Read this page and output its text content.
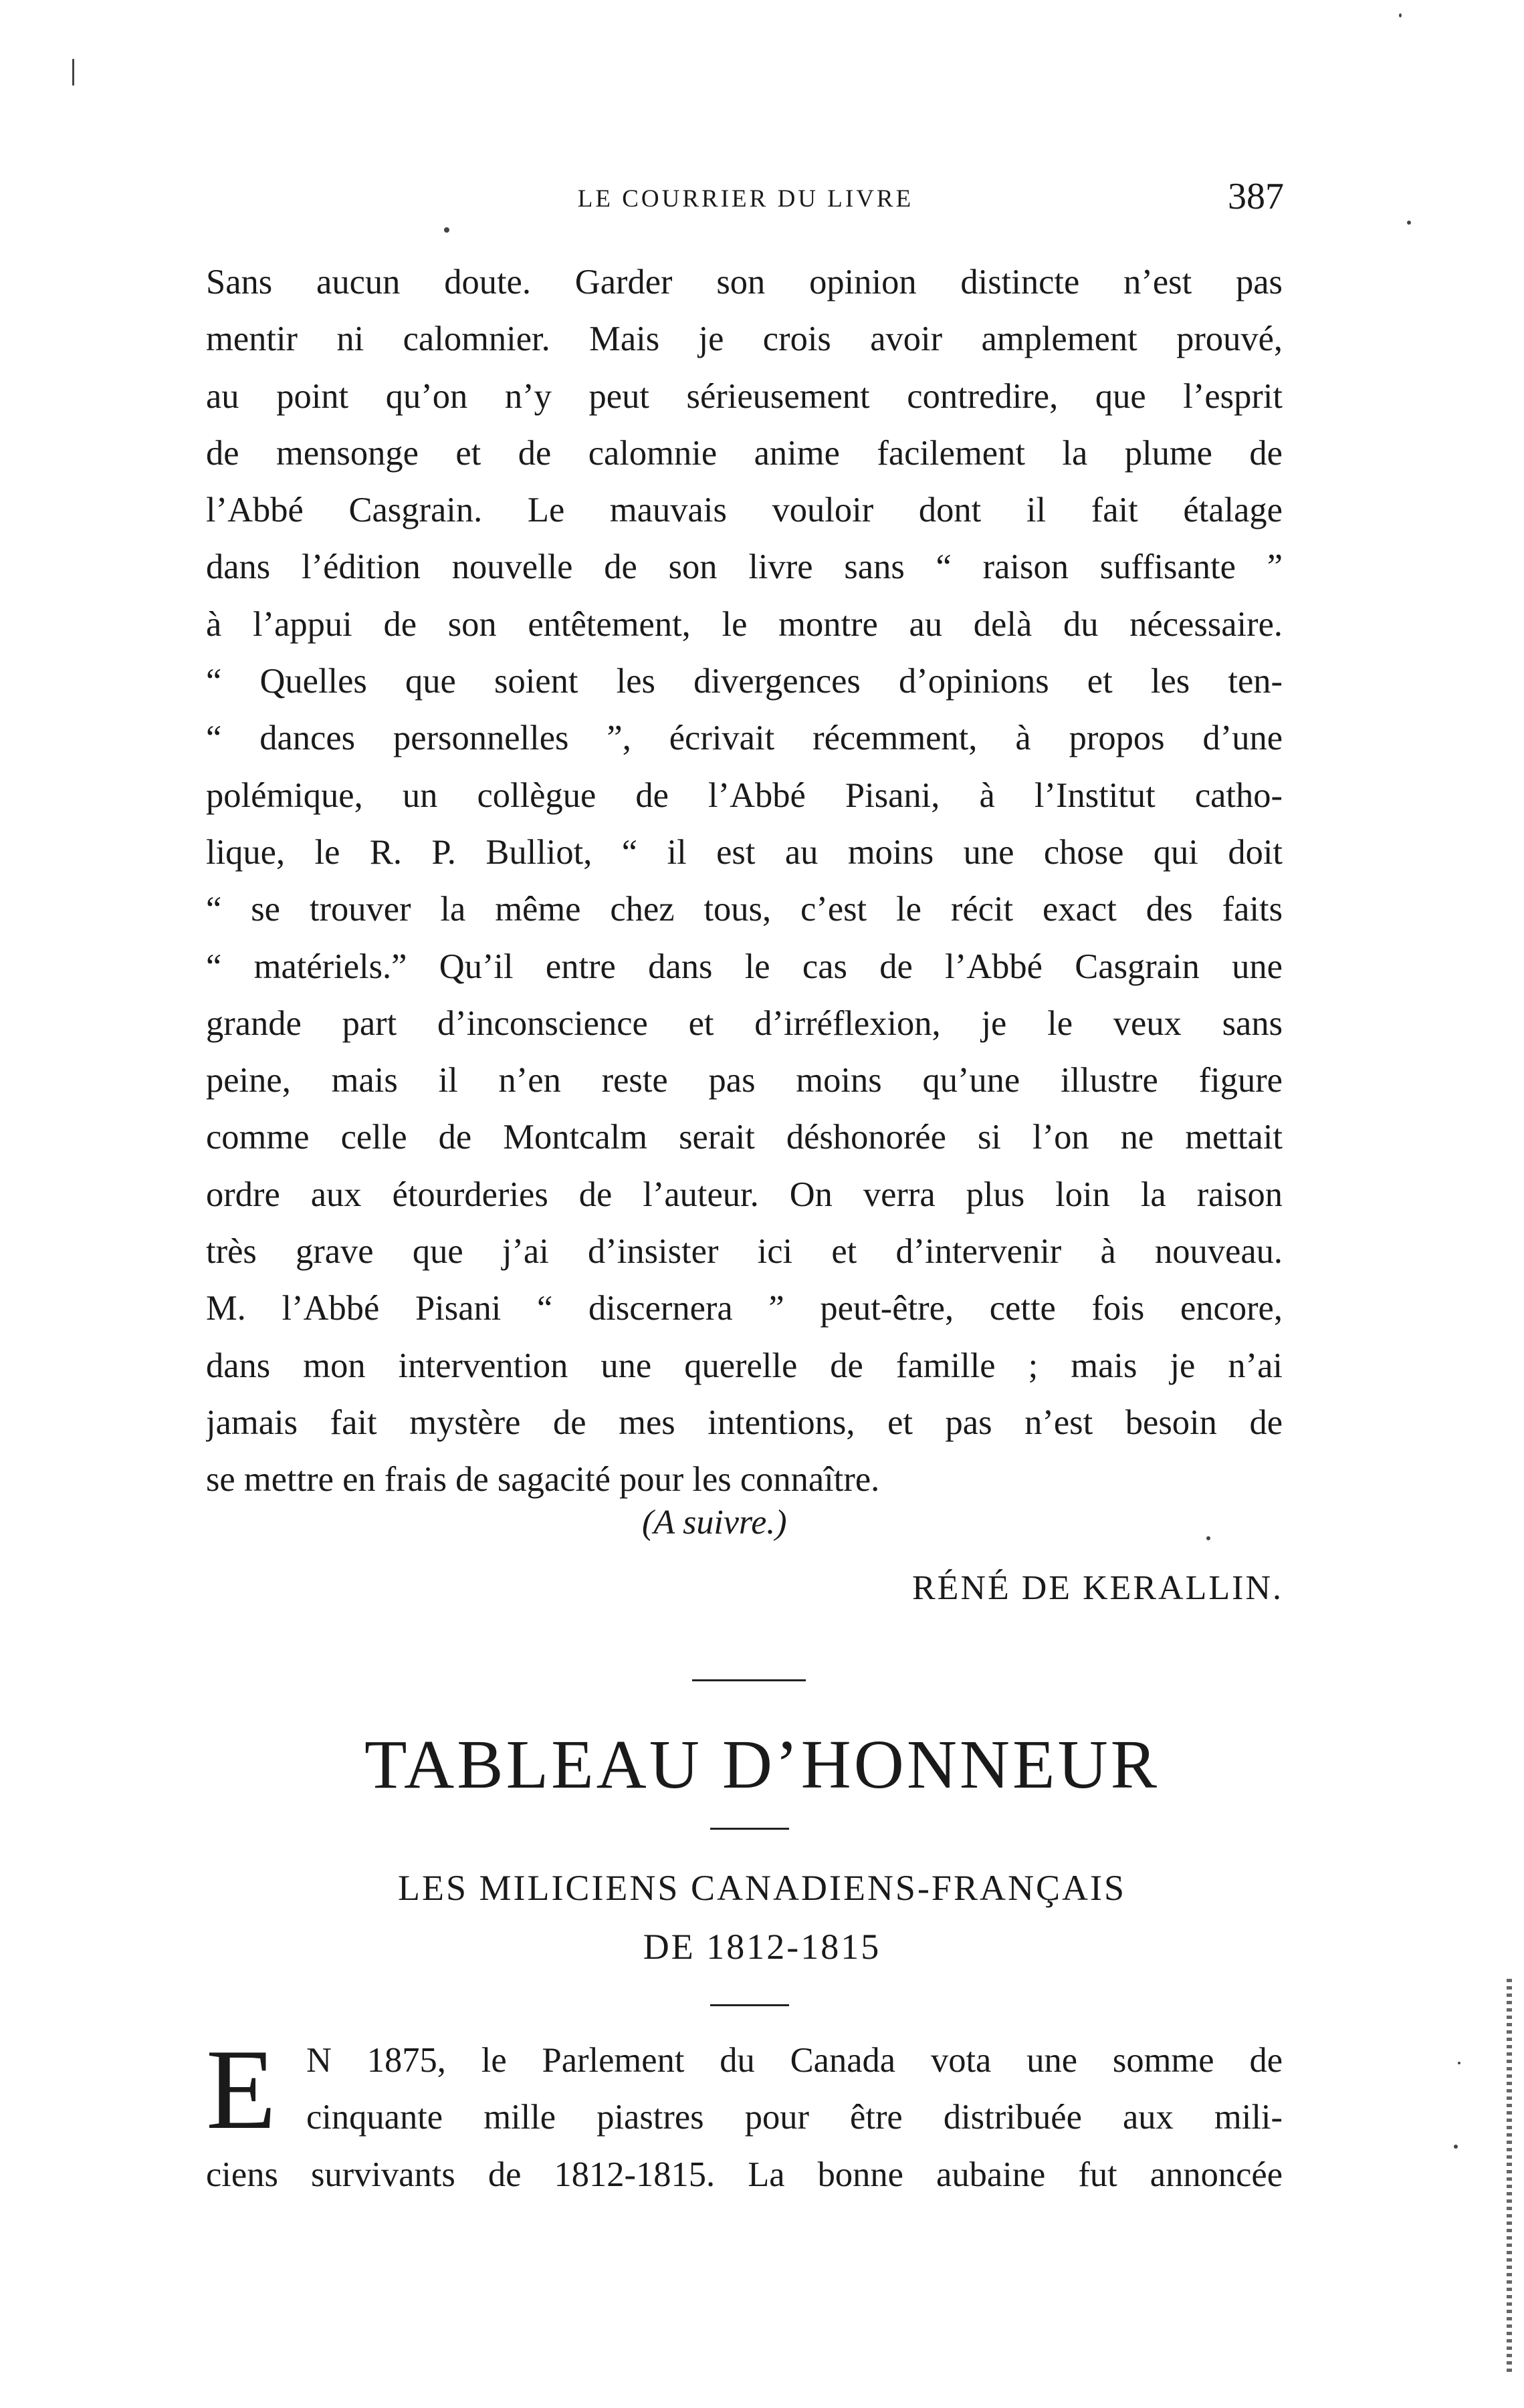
LE COURRIER DU LIVRE	387
Sans aucun doute. Garder son opinion distincte n’est pas
mentir ni calomnier. Mais je crois avoir amplement prouvé,
au point qu’on n’y peut sérieusement contredire, que l’esprit
de mensonge et de calomnie anime facilement la plume de
l’Abbé Casgrain. Le mauvais vouloir dont il fait étalage
dans l’édition nouvelle de son livre sans “ raison suffisante ”
à l’appui de son entêtement, le montre au delà du nécessaire.
“ Quelles que soient les divergences d’opinions et les ten-
“ dances personnelles ”, écrivait récemment, à propos d’une
polémique, un collègue de l’Abbé Pisani, à l’Institut catho-
lique, le R. P. Bulliot, “ il est au moins une chose qui doit
“ se trouver la même chez tous, c’est le récit exact des faits
“ matériels.” Qu’il entre dans le cas de l’Abbé Casgrain une
grande part d’inconscience et d’irréflexion, je le veux sans
peine, mais il n’en reste pas moins qu’une illustre figure
comme celle de Montcalm serait déshonorée si l’on ne mettait
ordre aux étourderies de l’auteur. On verra plus loin la raison
très grave que j’ai d’insister ici et d’intervenir à nouveau.
M. l’Abbé Pisani “ discernera ” peut-être, cette fois encore,
dans mon intervention une querelle de famille ; mais je n’ai
jamais fait mystère de mes intentions, et pas n’est besoin de
se mettre en frais de sagacité pour les connaître.
(A suivre.)
RÉNÉ DE KERALLIN.
TABLEAU D’HONNEUR
LES MILICIENS CANADIENS-FRANÇAIS
DE 1812-1815
E N 1875, le Parlement du Canada vota une somme de
cinquante mille piastres pour être distribuée aux mili-
ciens survivants de 1812-1815. La bonne aubaine fut annoncée
